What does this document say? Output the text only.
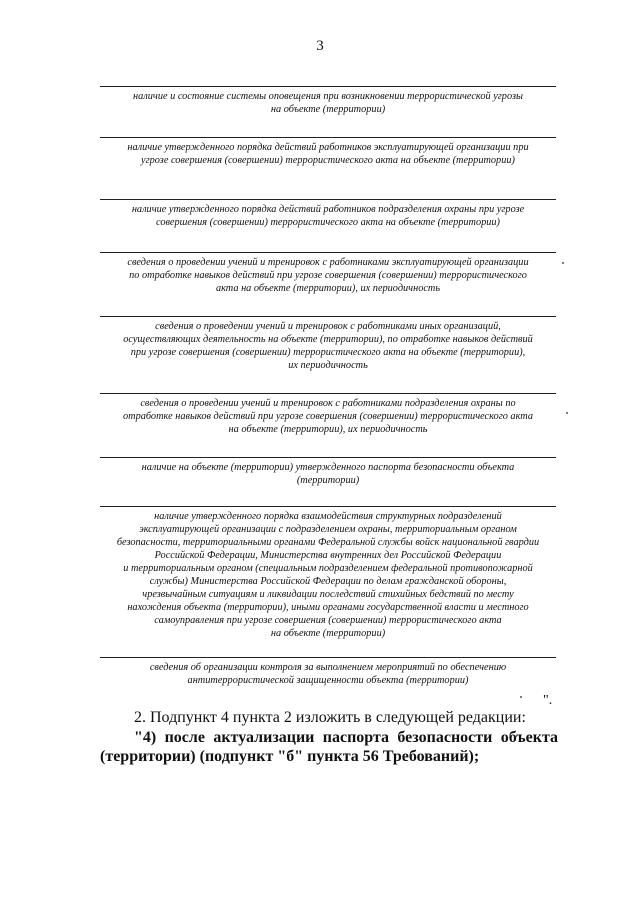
3
наличие и состояние системы оповещения при возникновении террористической угрозы
на объекте (территории)
наличие утвержденного порядка действий работников эксплуатирующей организации при
угрозе совершения (совершении) террористического акта на объекте (территории)
наличие утвержденного порядка действий работников подразделения охраны при угрозе
совершения (совершении) террористического акта на объекте (территории)
сведения о проведении учений и тренировок с работниками эксплуатирующей организации
по отработке навыков действий при угрозе совершения (совершении) террористического
акта на объекте (территории), их периодичность
сведения о проведении учений и тренировок с работниками иных организаций,
осуществляющих деятельность на объекте (территории), по отработке навыков действий
при угрозе совершения (совершении) террористического акта на объекте (территории),
их периодичность
сведения о проведении учений и тренировок с работниками подразделения охраны по
отработке навыков действий при угрозе совершения (совершении) террористического акта
на объекте (территории), их периодичность
наличие на объекте (территории) утвержденного паспорта безопасности объекта
(территории)
наличие утвержденного порядка взаимодействия структурных подразделений
эксплуатирующей организации с подразделением охраны, территориальным органом
безопасности, территориальными органами Федеральной службы войск национальной гвардии
Российской Федерации, Министерства внутренних дел Российской Федерации
и территориальным органом (специальным подразделением федеральной противопожарной
службы) Министерства Российской Федерации по делам гражданской обороны,
чрезвычайным ситуациям и ликвидации последствий стихийных бедствий по месту
нахождения объекта (территории), иными органами государственной власти и местного
самоуправления при угрозе совершения (совершении) террористического акта
на объекте (территории)
сведения об организации контроля за выполнением мероприятий по обеспечению
антитеррористической защищенности объекта (территории)
".
2. Подпункт 4 пункта 2 изложить в следующей редакции:
"4) после актуализации паспорта безопасности объекта (территории) (подпункт "б" пункта 56 Требований);
